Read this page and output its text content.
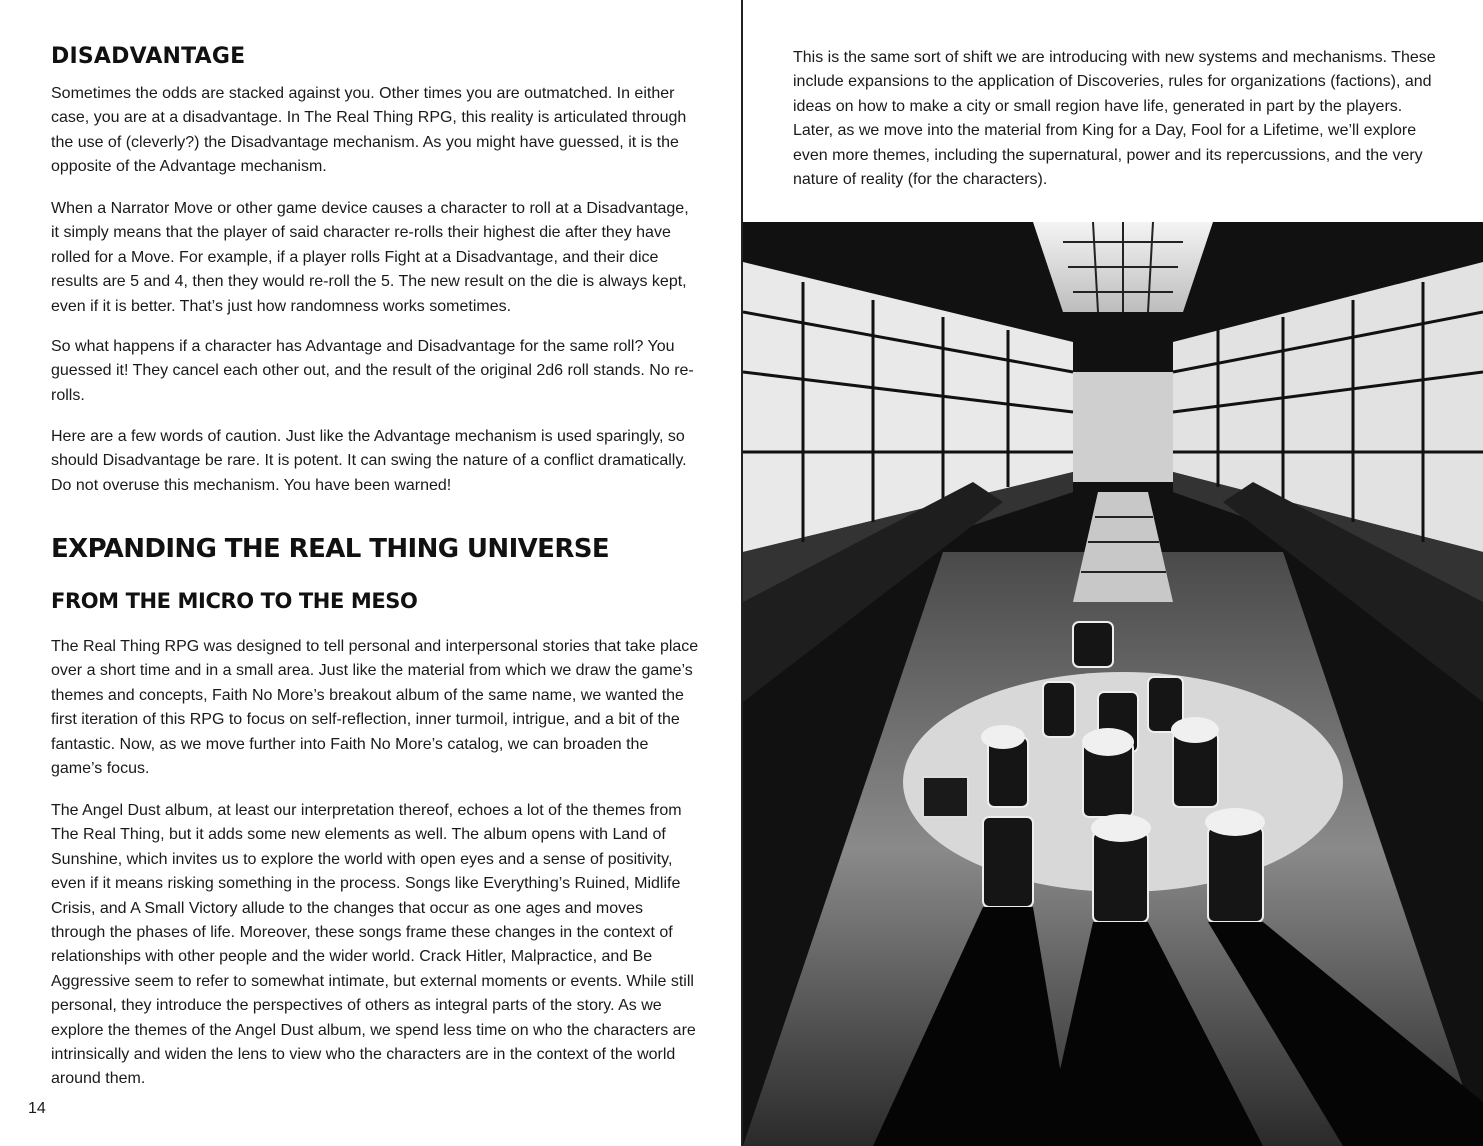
DISADVANTAGE

Sometimes the odds are stacked against you. Other times you are outmatched. In either case, you are at a disadvantage. In The Real Thing RPG, this reality is articulated through the use of (cleverly?) the Disadvantage mechanism. As you might have guessed, it is the opposite of the Advantage mechanism.

When a Narrator Move or other game device causes a character to roll at a Disadvantage, it simply means that the player of said character re-rolls their highest die after they have rolled for a Move. For example, if a player rolls Fight at a Disadvantage, and their dice results are 5 and 4, then they would re-roll the 5. The new result on the die is always kept, even if it is better. That’s just how randomness works sometimes.

So what happens if a character has Advantage and Disadvantage for the same roll? You guessed it! They cancel each other out, and the result of the original 2d6 roll stands. No re-rolls.

Here are a few words of caution. Just like the Advantage mechanism is used sparingly, so should Disadvantage be rare. It is potent. It can swing the nature of a conflict dramatically. Do not overuse this mechanism. You have been warned!

EXPANDING THE REAL THING UNIVERSE
FROM THE MICRO TO THE MESO

The Real Thing RPG was designed to tell personal and interpersonal stories that take place over a short time and in a small area. Just like the material from which we draw the game’s themes and concepts, Faith No More’s breakout album of the same name, we wanted the first iteration of this RPG to focus on self-reflection, inner turmoil, intrigue, and a bit of the fantastic. Now, as we move further into Faith No More’s catalog, we can broaden the game’s focus.

The Angel Dust album, at least our interpretation thereof, echoes a lot of the themes from The Real Thing, but it adds some new elements as well. The album opens with Land of Sunshine, which invites us to explore the world with open eyes and a sense of positivity, even if it means risking something in the process. Songs like Everything’s Ruined, Midlife Crisis, and A Small Victory allude to the changes that occur as one ages and moves through the phases of life. Moreover, these songs frame these changes in the context of relationships with other people and the wider world. Crack Hitler, Malpractice, and Be Aggressive seem to refer to somewhat intimate, but external moments or events. While still personal, they introduce the perspectives of others as integral parts of the story. As we explore the themes of the Angel Dust album, we spend less time on who the characters are intrinsically and widen the lens to view who the characters are in the context of the world around them.

14

This is the same sort of shift we are introducing with new systems and mechanisms. These include expansions to the application of Discoveries, rules for organizations (factions), and ideas on how to make a city or small region have life, generated in part by the players. Later, as we move into the material from King for a Day, Fool for a Lifetime, we’ll explore even more themes, including the supernatural, power and its repercussions, and the very nature of reality (for the characters).
